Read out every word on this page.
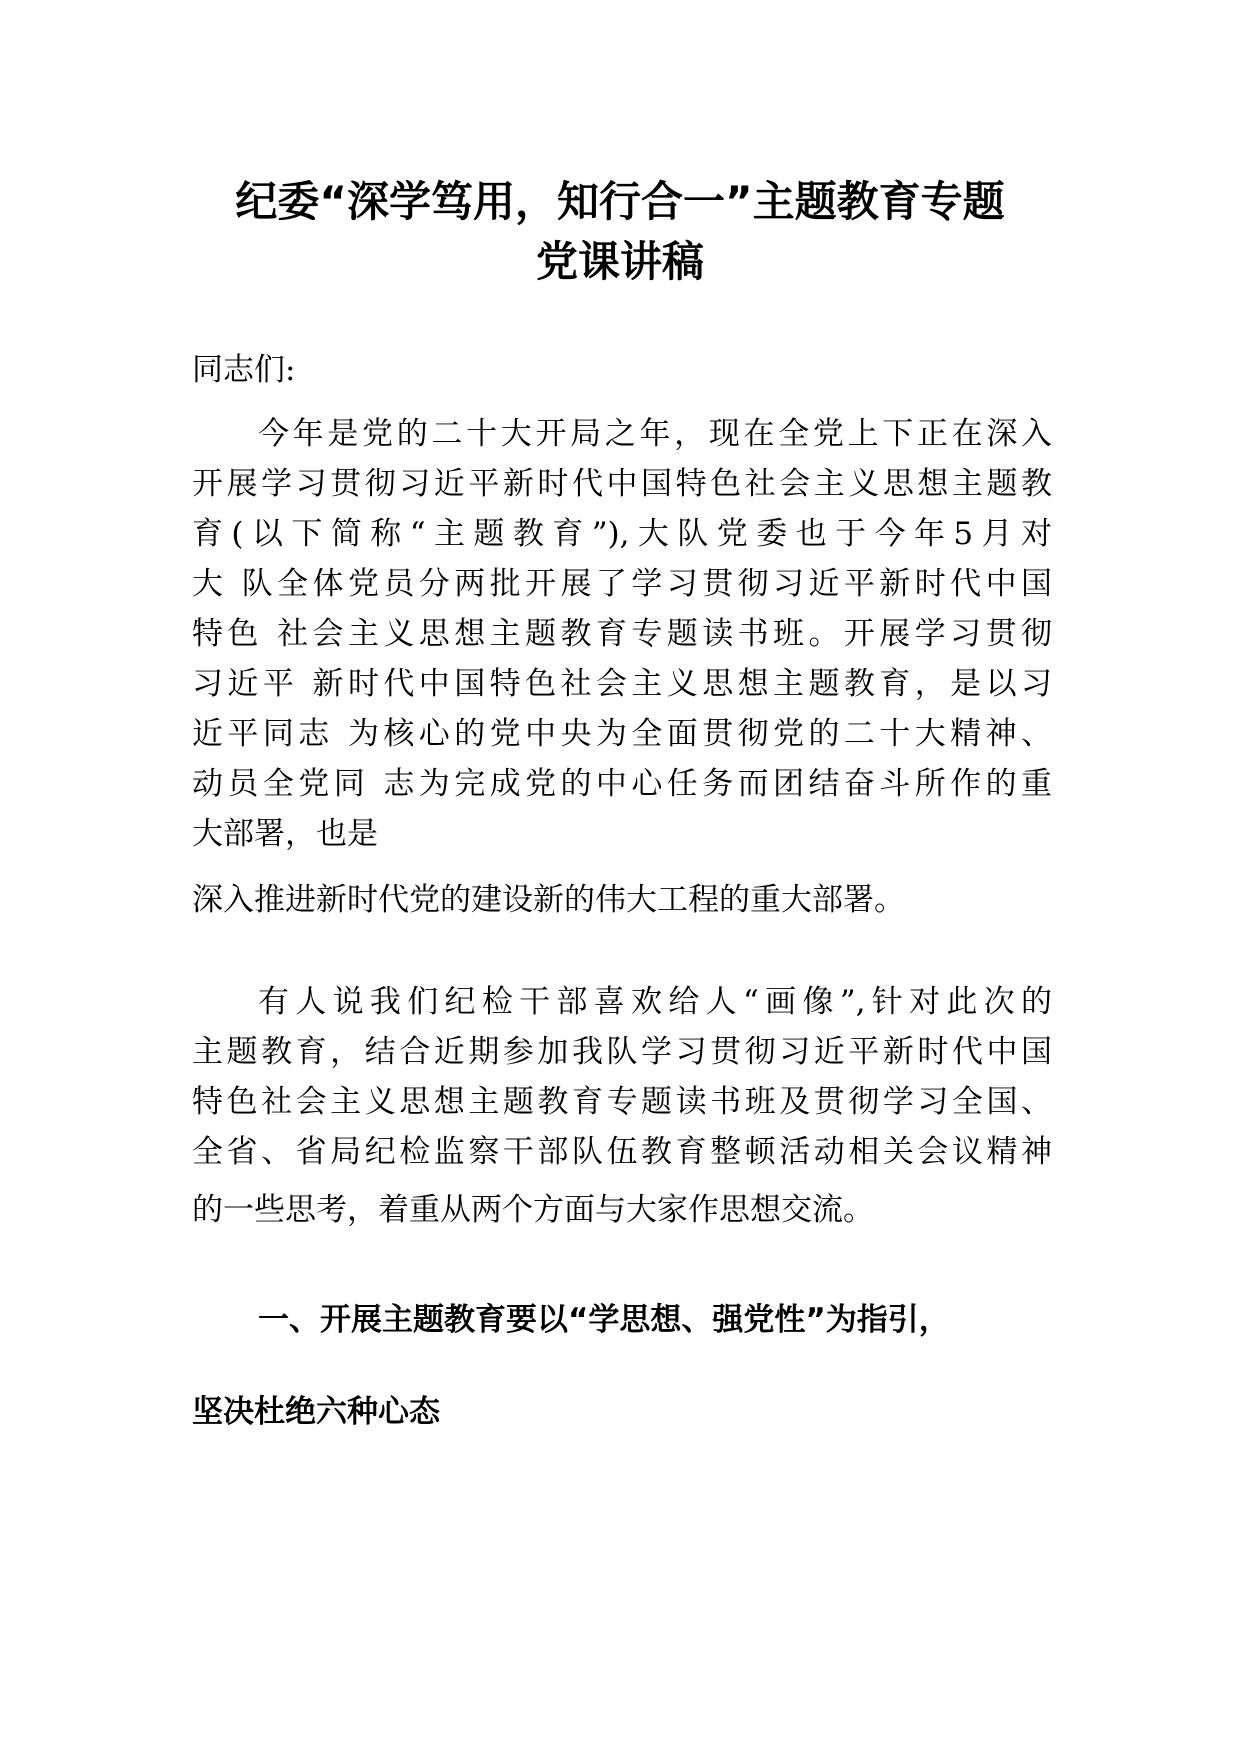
纪委“深学笃用，知行合一”主题教育专题
党课讲稿
同志们:
今年是党的二十大开局之年，现在全党上下正在深入
开展学习贯彻习近平新时代中国特色社会主义思想主题教
育(以下简称“主题教育”),大队党委也于今年5月对
大 队全体党员分两批开展了学习贯彻习近平新时代中国
特色 社会主义思想主题教育专题读书班。开展学习贯彻
习近平 新时代中国特色社会主义思想主题教育，是以习
近平同志 为核心的党中央为全面贯彻党的二十大精神、
动员全党同 志为完成党的中心任务而团结奋斗所作的重
大部署，也是
深入推进新时代党的建设新的伟大工程的重大部署。
有人说我们纪检干部喜欢给人“画像”,针对此次的
主题教育，结合近期参加我队学习贯彻习近平新时代中国
特色社会主义思想主题教育专题读书班及贯彻学习全国、
全省、省局纪检监察干部队伍教育整顿活动相关会议精神
的一些思考，着重从两个方面与大家作思想交流。
一、开展主题教育要以“学思想、强党性”为指引，
坚决杜绝六种心态
